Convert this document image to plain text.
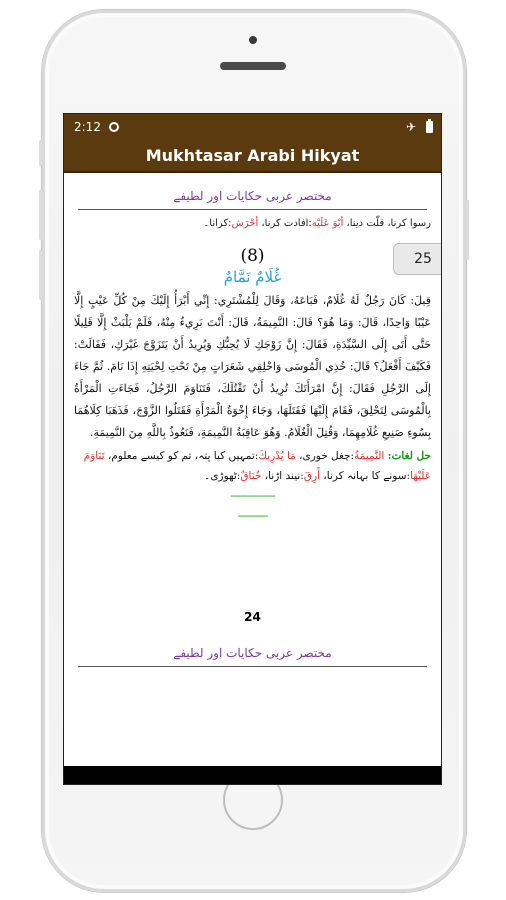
2:12	✈
Mukhtasar Arabi Hikyat
مختصر عربی حکایات اور لطیفے
رسوا کرنا، قلّت دینا، أبْوَ عَلَيْه:افادت کرنا، أحْرَش:کرانا۔
25
(8)
غُلَامٌ نَمَّامٌ
قِيلَ: كَانَ رَجُلٌ لَهُ غُلَامٌ، فَبَاعَهُ، وَقَالَ لِلْمُشْتَرِي: إِنِّي أَبْرَأُ إِلَيْكَ مِنْ كُلِّ عَيْبٍ إِلَّا عَيْبًا وَاحِدًا، قَالَ: وَمَا هُوَ؟ قَالَ: النَّمِيمَةُ، قَالَ: أَنْتَ بَرِيءٌ مِنْهُ، فَلَمْ يَلْبَثْ إِلَّا قَلِيلًا حَتَّى أَتَى إِلَى السَّيِّدَةِ، فَقَالَ: إِنَّ زَوْجَكِ لَا يُحِبُّكِ وَيُرِيدُ أَنْ يَتَزَوَّجَ غَيْرَكِ، فَقَالَتْ: فَكَيْفَ أَفْعَلُ؟ قَالَ: خُذِي الْمُوسَى وَاحْلِقِي شَعَرَاتٍ مِنْ تَحْتِ لِحْيَتِهِ إِذَا نَامَ. ثُمَّ جَاءَ إِلَى الرَّجُلِ فَقَالَ: إِنَّ امْرَأَتَكَ تُرِيدُ أَنْ تَقْتُلَكَ، فَتَنَاوَمَ الرَّجُلُ، فَجَاءَتِ الْمَرْأَةُ بِالْمُوسَى لِتَحْلِقَ، فَقَامَ إِلَيْهَا فَقَتَلَهَا، وَجَاءَ إِخْوَةُ الْمَرْأَةِ فَقَتَلُوا الزَّوْجَ، فَذَهَبَا كِلَاهُمَا بِسُوءِ صَنِيعِ غُلَامِهِمَا، وَقُتِلَ الْغُلَامُ. وَهُوَ عَاقِبَةُ النَّمِيمَةِ، فَنَعُوذُ بِاللَّهِ مِنَ النَّمِيمَةِ.
حل لغات: النَّمِيمَةُ:چغل خوری، مَا يُدْرِيكَ:تمہیں کیا پتہ، تم کو کیسے معلوم، تَنَاوَمَ عَلَيْهَا:سونے کا بہانہ کرنا، أَرِقَ:نیند اڑنا، خُنَاقٌ:ٹھوڑی۔
---------------
----------
24
مختصر عربی حکایات اور لطیفے
